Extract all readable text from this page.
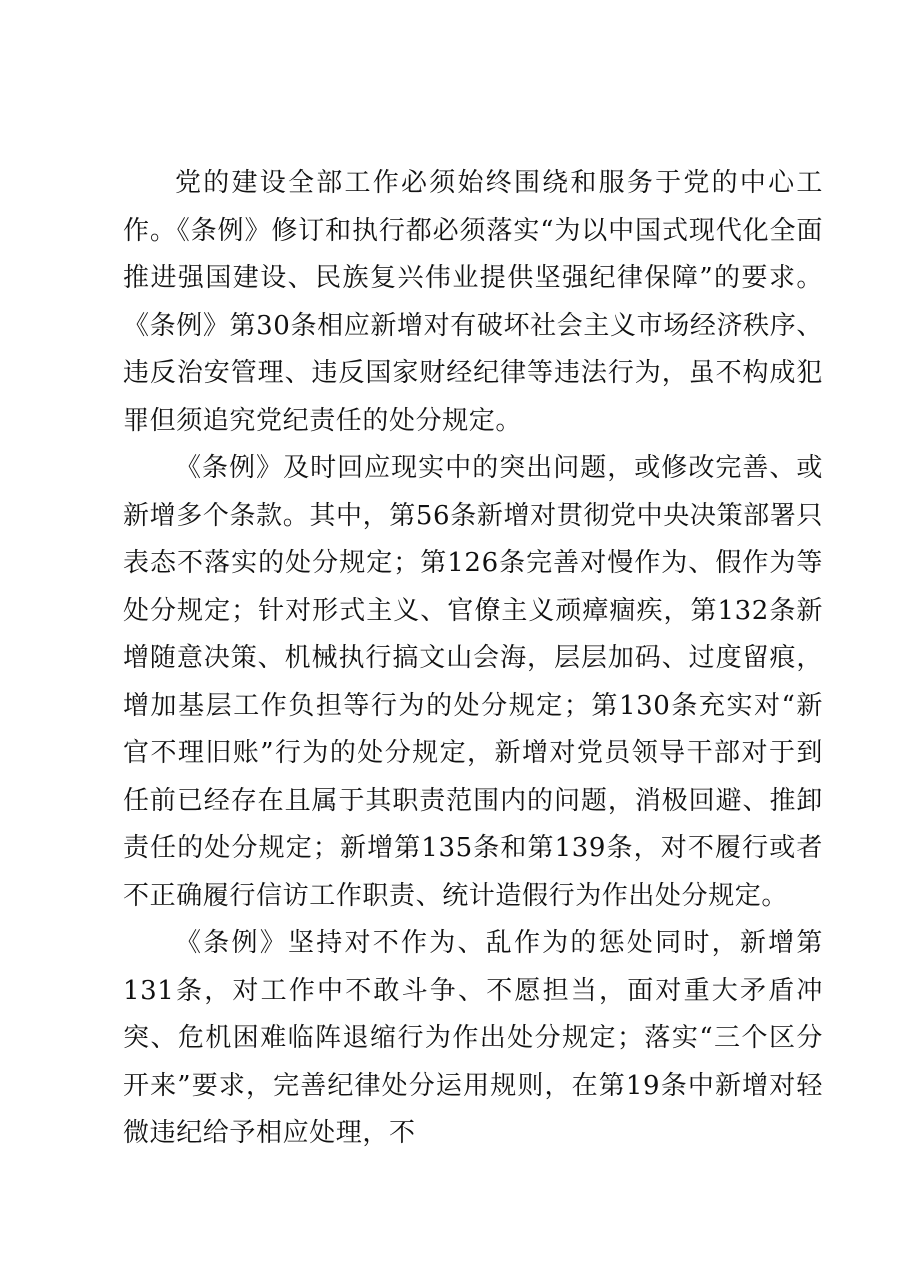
党的建设全部工作必须始终围绕和服务于党的中心工作。《条例》修订和执行都必须落实“为以中国式现代化全面推进强国建设、民族复兴伟业提供坚强纪律保障”的要求。《条例》第30条相应新增对有破坏社会主义市场经济秩序、违反治安管理、违反国家财经纪律等违法行为，虽不构成犯罪但须追究党纪责任的处分规定。

《条例》及时回应现实中的突出问题，或修改完善、或新增多个条款。其中，第56条新增对贯彻党中央决策部署只表态不落实的处分规定；第126条完善对慢作为、假作为等处分规定；针对形式主义、官僚主义顽瘴痼疾，第132条新增随意决策、机械执行搞文山会海，层层加码、过度留痕，增加基层工作负担等行为的处分规定；第130条充实对“新官不理旧账”行为的处分规定，新增对党员领导干部对于到任前已经存在且属于其职责范围内的问题，消极回避、推卸责任的处分规定；新增第135条和第139条，对不履行或者不正确履行信访工作职责、统计造假行为作出处分规定。

《条例》坚持对不作为、乱作为的惩处同时，新增第131条，对工作中不敢斗争、不愿担当，面对重大矛盾冲突、危机困难临阵退缩行为作出处分规定；落实“三个区分开来”要求，完善纪律处分运用规则，在第19条中新增对轻微违纪给予相应处理，不
